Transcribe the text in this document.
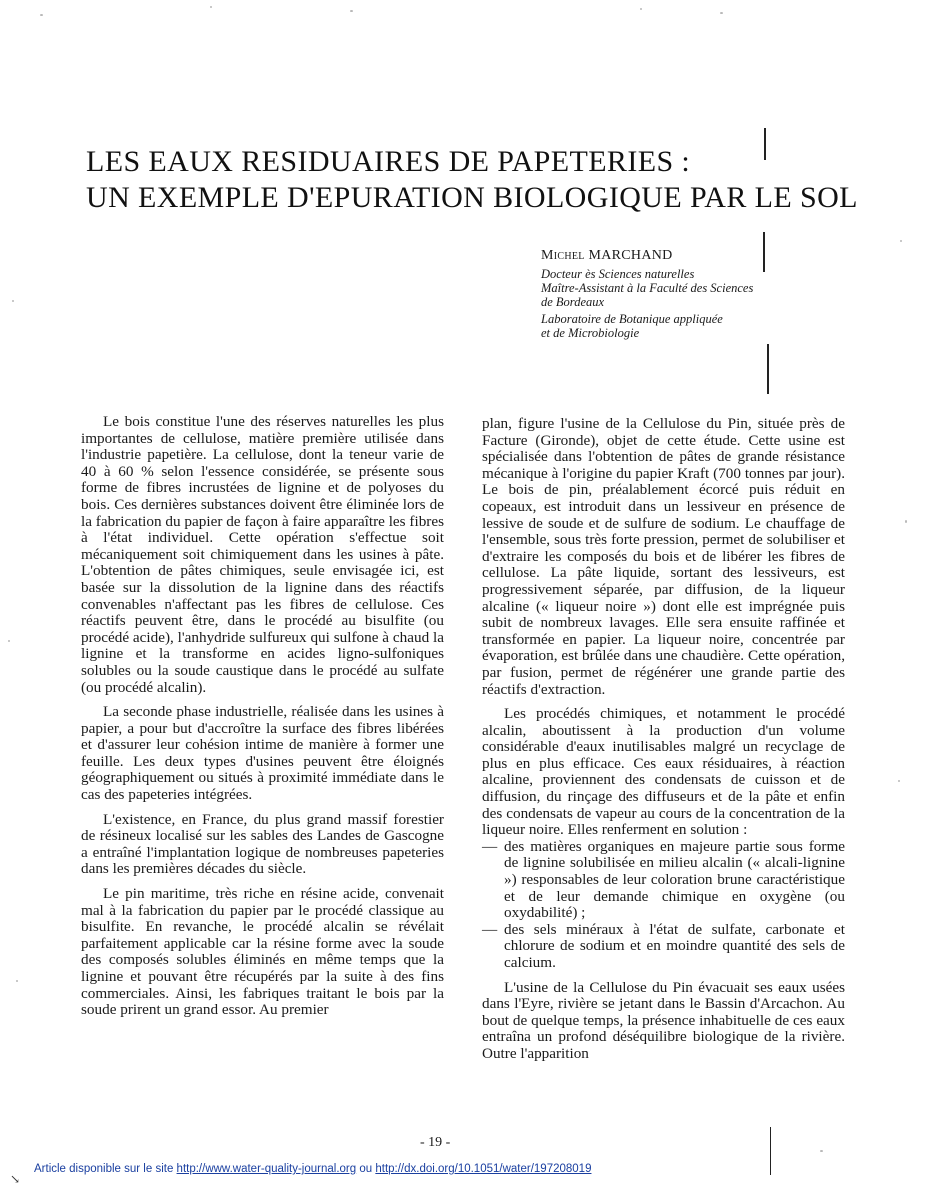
LES EAUX RESIDUAIRES DE PAPETERIES :
UN EXEMPLE D'EPURATION BIOLOGIQUE PAR LE SOL
Michel MARCHAND
Docteur ès Sciences naturelles
Maître-Assistant à la Faculté des Sciences
de Bordeaux
Laboratoire de Botanique appliquée
et de Microbiologie

Le bois constitue l'une des réserves naturelles les plus importantes de cellulose, matière première utilisée dans l'industrie papetière. La cellulose, dont la teneur varie de 40 à 60 % selon l'essence considérée, se présente sous forme de fibres incrustées de lignine et de polyoses du bois. Ces dernières substances doivent être éliminée lors de la fabrication du papier de façon à faire apparaître les fibres à l'état individuel. Cette opération s'effectue soit mécaniquement soit chimiquement dans les usines à pâte. L'obtention de pâtes chimiques, seule envisagée ici, est basée sur la dissolution de la lignine dans des réactifs convenables n'affectant pas les fibres de cellulose. Ces réactifs peuvent être, dans le procédé au bisulfite (ou procédé acide), l'anhydride sulfureux qui sulfone à chaud la lignine et la transforme en acides ligno-sulfoniques solubles ou la soude caustique dans le procédé au sulfate (ou procédé alcalin).

La seconde phase industrielle, réalisée dans les usines à papier, a pour but d'accroître la surface des fibres libérées et d'assurer leur cohésion intime de manière à former une feuille. Les deux types d'usines peuvent être éloignés géographiquement ou situés à proximité immédiate dans le cas des papeteries intégrées.

L'existence, en France, du plus grand massif forestier de résineux localisé sur les sables des Landes de Gascogne a entraîné l'implantation logique de nombreuses papeteries dans les premières décades du siècle.

Le pin maritime, très riche en résine acide, convenait mal à la fabrication du papier par le procédé classique au bisulfite. En revanche, le procédé alcalin se révélait parfaitement applicable car la résine forme avec la soude des composés solubles éliminés en même temps que la lignine et pouvant être récupérés par la suite à des fins commerciales. Ainsi, les fabriques traitant le bois par la soude prirent un grand essor. Au premier

plan, figure l'usine de la Cellulose du Pin, située près de Facture (Gironde), objet de cette étude. Cette usine est spécialisée dans l'obtention de pâtes de grande résistance mécanique à l'origine du papier Kraft (700 tonnes par jour). Le bois de pin, préalablement écorcé puis réduit en copeaux, est introduit dans un lessiveur en présence de lessive de soude et de sulfure de sodium. Le chauffage de l'ensemble, sous très forte pression, permet de solubiliser et d'extraire les composés du bois et de libérer les fibres de cellulose. La pâte liquide, sortant des lessiveurs, est progressivement séparée, par diffusion, de la liqueur alcaline (« liqueur noire ») dont elle est imprégnée puis subit de nombreux lavages. Elle sera ensuite raffinée et transformée en papier. La liqueur noire, concentrée par évaporation, est brûlée dans une chaudière. Cette opération, par fusion, permet de régénérer une grande partie des réactifs d'extraction.

Les procédés chimiques, et notamment le procédé alcalin, aboutissent à la production d'un volume considérable d'eaux inutilisables malgré un recyclage de plus en plus efficace. Ces eaux résiduaires, à réaction alcaline, proviennent des condensats de cuisson et de diffusion, du rinçage des diffuseurs et de la pâte et enfin des condensats de vapeur au cours de la concentration de la liqueur noire. Elles renferment en solution :

— des matières organiques en majeure partie sous forme de lignine solubilisée en milieu alcalin (« alcali-lignine ») responsables de leur coloration brune caractéristique et de leur demande chimique en oxygène (ou oxydabilité) ;
— des sels minéraux à l'état de sulfate, carbonate et chlorure de sodium et en moindre quantité des sels de calcium.

L'usine de la Cellulose du Pin évacuait ses eaux usées dans l'Eyre, rivière se jetant dans le Bassin d'Arcachon. Au bout de quelque temps, la présence inhabituelle de ces eaux entraîna un profond déséquilibre biologique de la rivière. Outre l'apparition

- 19 -
↘
Article disponible sur le site http://www.water-quality-journal.org ou http://dx.doi.org/10.1051/water/197208019
